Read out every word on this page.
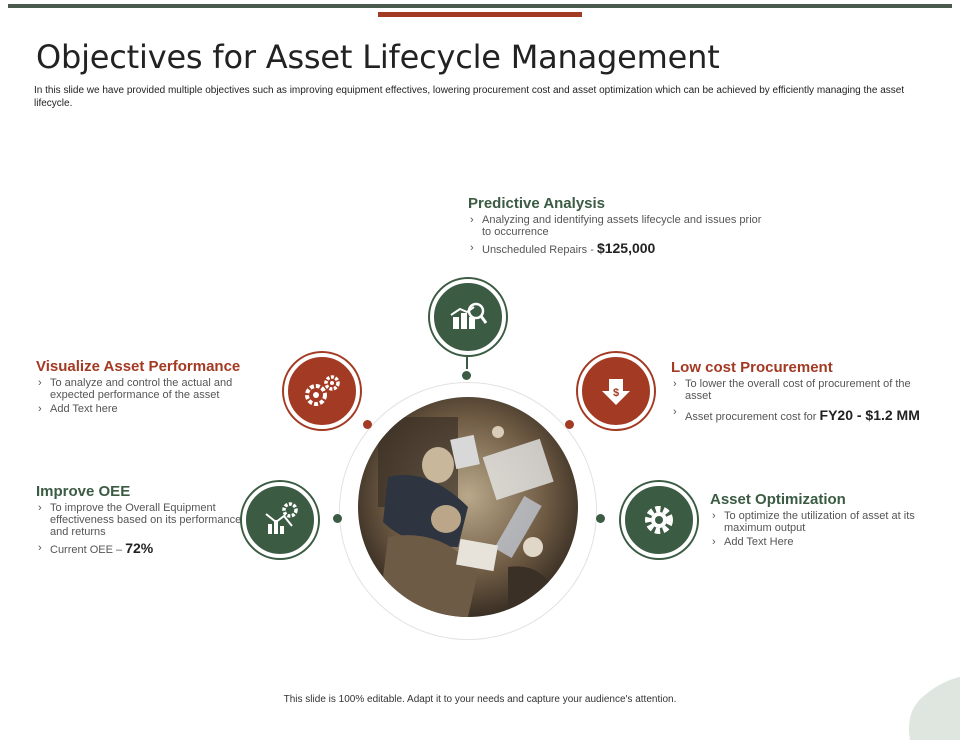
Objectives for Asset Lifecycle Management
In this slide we have provided multiple objectives such as improving equipment effectives, lowering procurement cost and asset optimization which can be achieved by efficiently managing the asset lifecycle.
Predictive Analysis
› Analyzing and identifying assets lifecycle and issues prior to occurrence
› Unscheduled Repairs - $125,000
Visualize Asset Performance
› To analyze and control the actual and expected performance of the asset
› Add Text here
Low cost Procurement
› To lower the overall cost of procurement of the asset
› Asset procurement cost for FY20 - $1.2 MM
Improve OEE
› To improve the Overall Equipment effectiveness based on its performance and returns
› Current OEE – 72%
Asset Optimization
› To optimize the utilization of asset at its maximum output
› Add Text Here
$
This slide is 100% editable. Adapt it to your needs and capture your audience's attention.
